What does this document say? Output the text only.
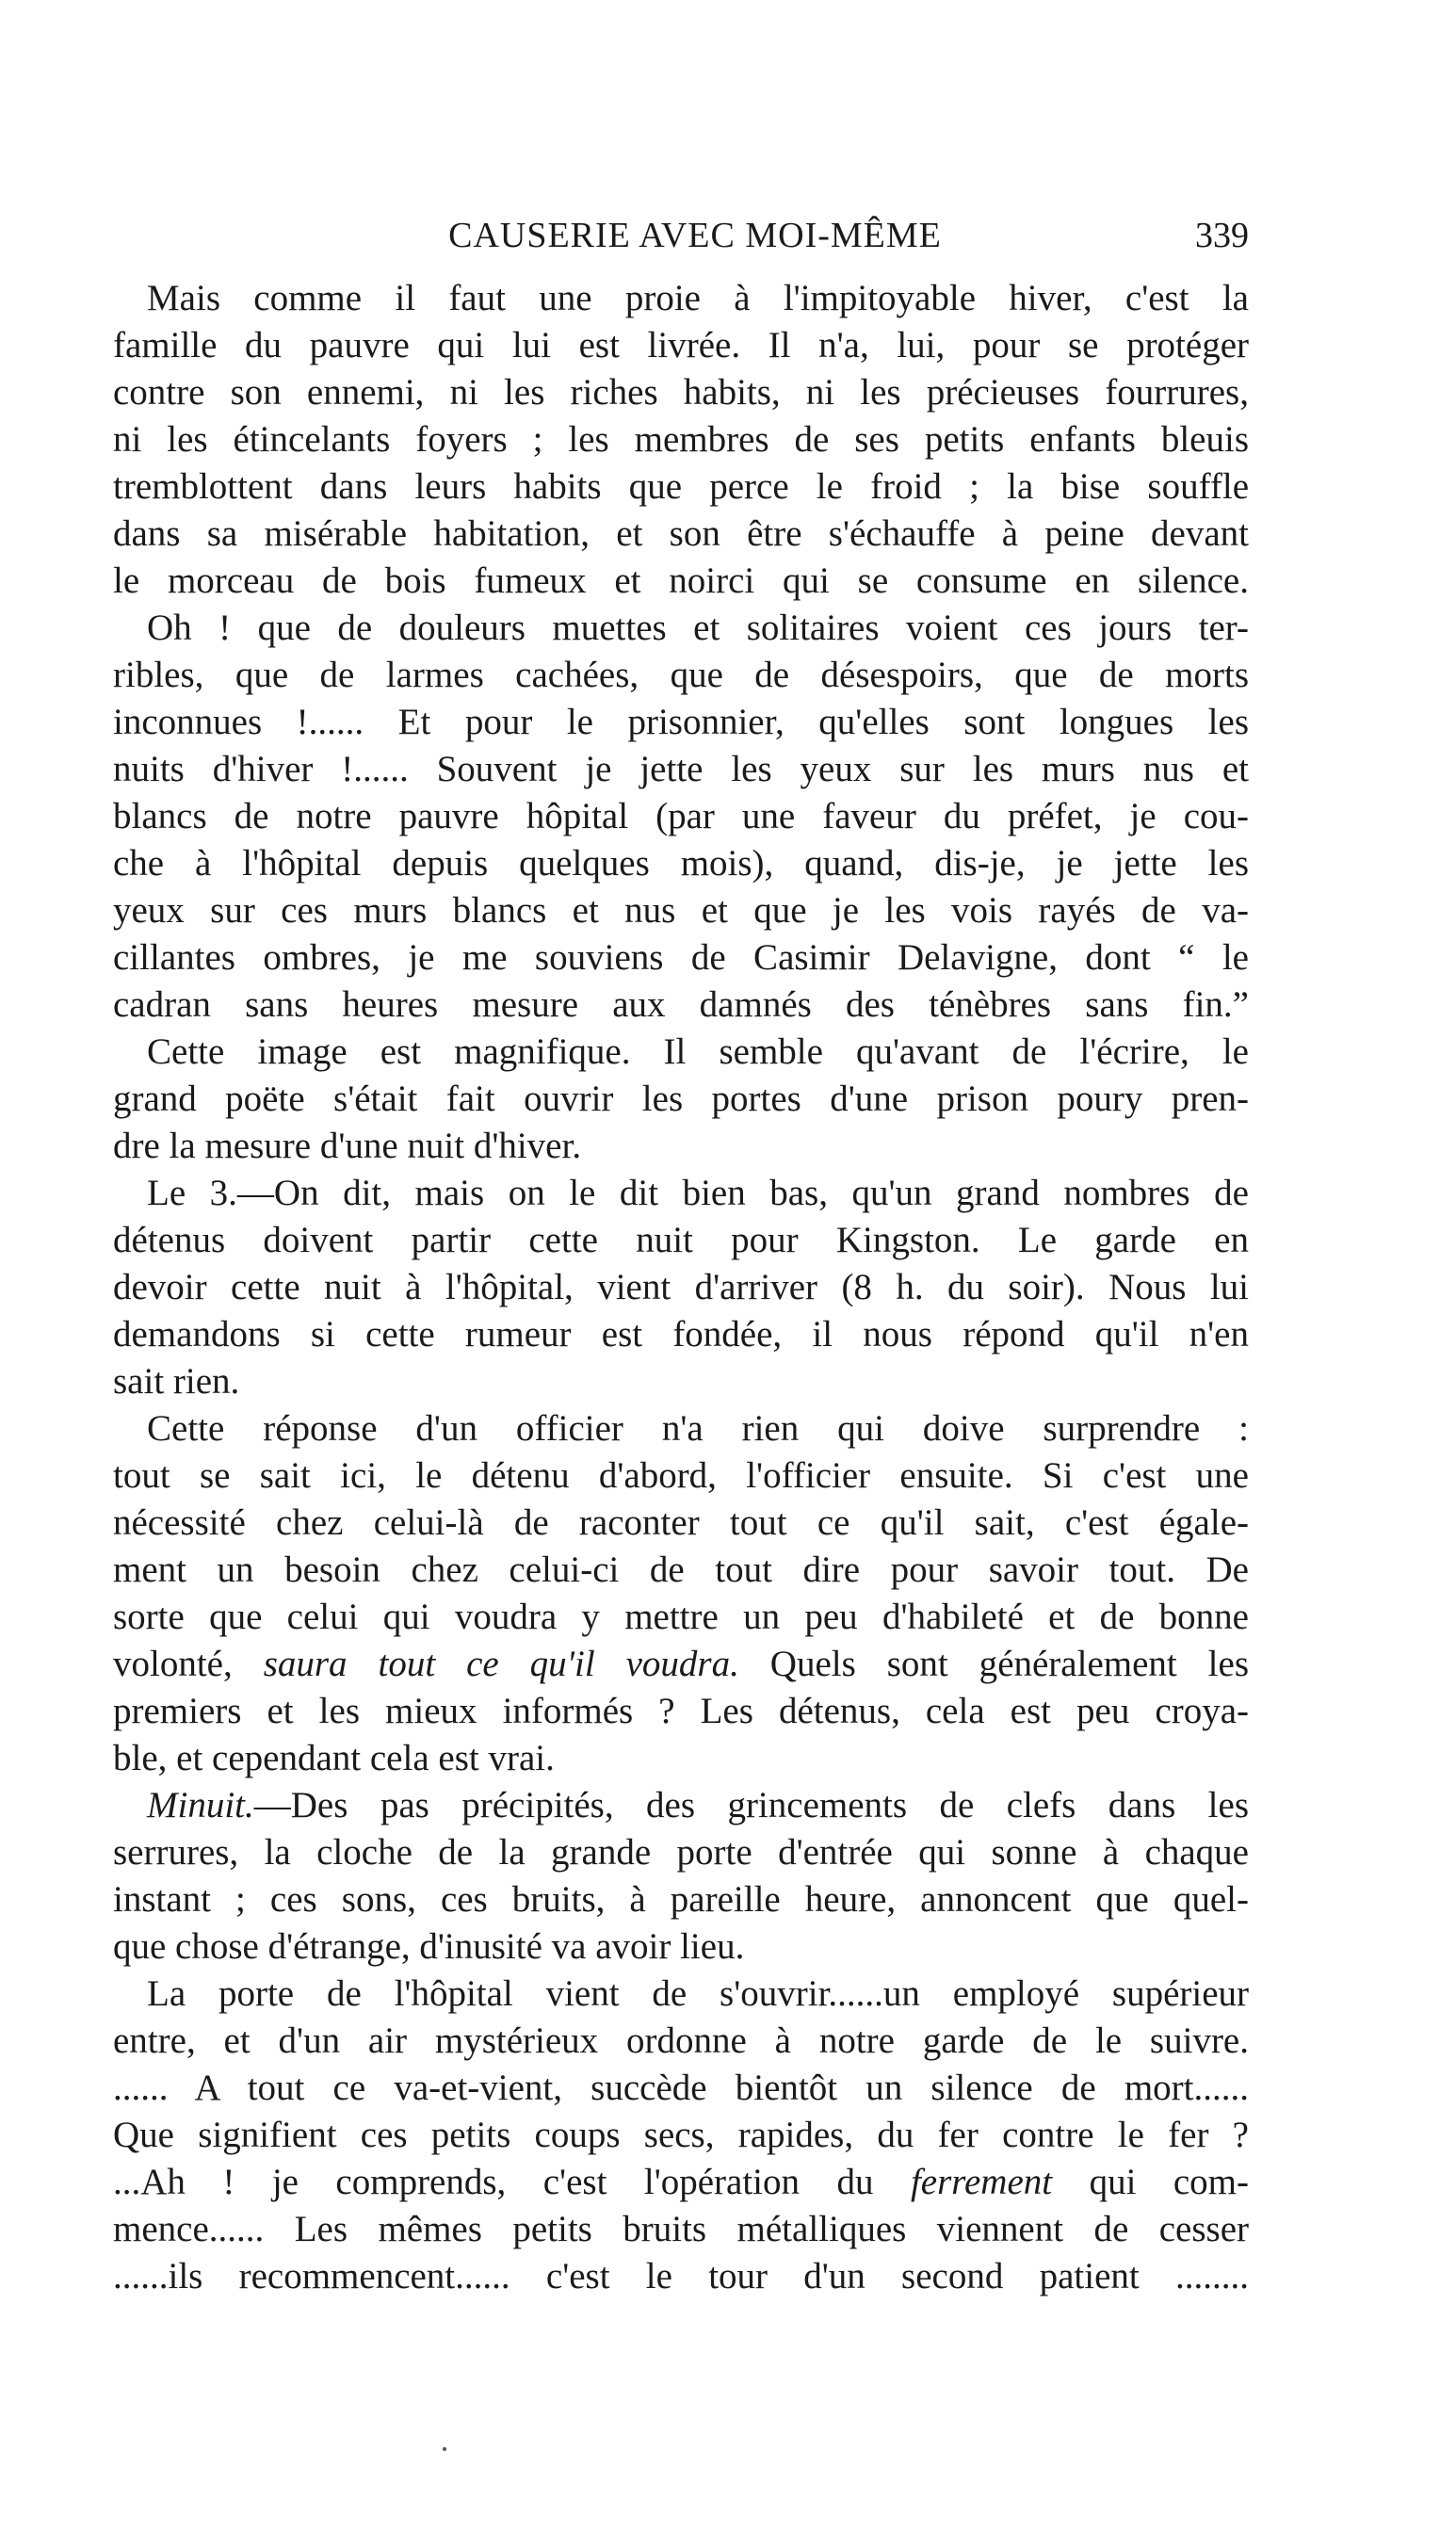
CAUSERIE AVEC MOI-MÊME	339
Mais comme il faut une proie à l'impitoyable hiver, c'est la
famille du pauvre qui lui est livrée. Il n'a, lui, pour se protéger
contre son ennemi, ni les riches habits, ni les précieuses fourrures,
ni les étincelants foyers ; les membres de ses petits enfants bleuis
tremblottent dans leurs habits que perce le froid ; la bise souffle
dans sa misérable habitation, et son être s'échauffe à peine devant
le morceau de bois fumeux et noirci qui se consume en silence.
Oh ! que de douleurs muettes et solitaires voient ces jours ter-
ribles, que de larmes cachées, que de désespoirs, que de morts
inconnues !...... Et pour le prisonnier, qu'elles sont longues les
nuits d'hiver !...... Souvent je jette les yeux sur les murs nus et
blancs de notre pauvre hôpital (par une faveur du préfet, je cou-
che à l'hôpital depuis quelques mois), quand, dis-je, je jette les
yeux sur ces murs blancs et nus et que je les vois rayés de va-
cillantes ombres, je me souviens de Casimir Delavigne, dont “ le
cadran sans heures mesure aux damnés des ténèbres sans fin.”
Cette image est magnifique. Il semble qu'avant de l'écrire, le
grand poëte s'était fait ouvrir les portes d'une prison poury pren-
dre la mesure d'une nuit d'hiver.
Le 3.—On dit, mais on le dit bien bas, qu'un grand nombres de
détenus doivent partir cette nuit pour Kingston. Le garde en
devoir cette nuit à l'hôpital, vient d'arriver (8 h. du soir). Nous lui
demandons si cette rumeur est fondée, il nous répond qu'il n'en
sait rien.
Cette réponse d'un officier n'a rien qui doive surprendre :
tout se sait ici, le détenu d'abord, l'officier ensuite. Si c'est une
nécessité chez celui-là de raconter tout ce qu'il sait, c'est égale-
ment un besoin chez celui-ci de tout dire pour savoir tout. De
sorte que celui qui voudra y mettre un peu d'habileté et de bonne
volonté, saura tout ce qu'il voudra. Quels sont généralement les
premiers et les mieux informés ? Les détenus, cela est peu croya-
ble, et cependant cela est vrai.
Minuit.—Des pas précipités, des grincements de clefs dans les
serrures, la cloche de la grande porte d'entrée qui sonne à chaque
instant ; ces sons, ces bruits, à pareille heure, annoncent que quel-
que chose d'étrange, d'inusité va avoir lieu.
La porte de l'hôpital vient de s'ouvrir......un employé supérieur
entre, et d'un air mystérieux ordonne à notre garde de le suivre.
...... A tout ce va-et-vient, succède bientôt un silence de mort......
Que signifient ces petits coups secs, rapides, du fer contre le fer ?
...Ah ! je comprends, c'est l'opération du ferrement qui com-
mence...... Les mêmes petits bruits métalliques viennent de cesser
......ils recommencent...... c'est le tour d'un second patient ........
